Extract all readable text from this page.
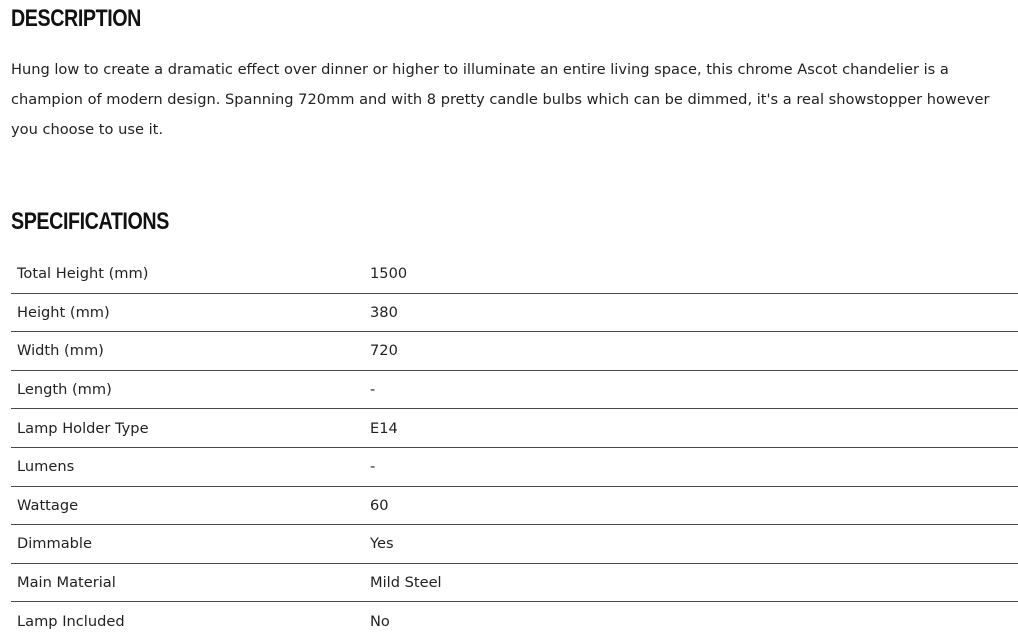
DESCRIPTION

Hung low to create a dramatic effect over dinner or higher to illuminate an entire living space, this chrome Ascot chandelier is a champion of modern design. Spanning 720mm and with 8 pretty candle bulbs which can be dimmed, it's a real showstopper however you choose to use it.

SPECIFICATIONS
Total Height (mm)	1500
Height (mm)	380
Width (mm)	720
Length (mm)	-
Lamp Holder Type	E14
Lumens	-
Wattage	60
Dimmable	Yes
Main Material	Mild Steel
Lamp Included	No
